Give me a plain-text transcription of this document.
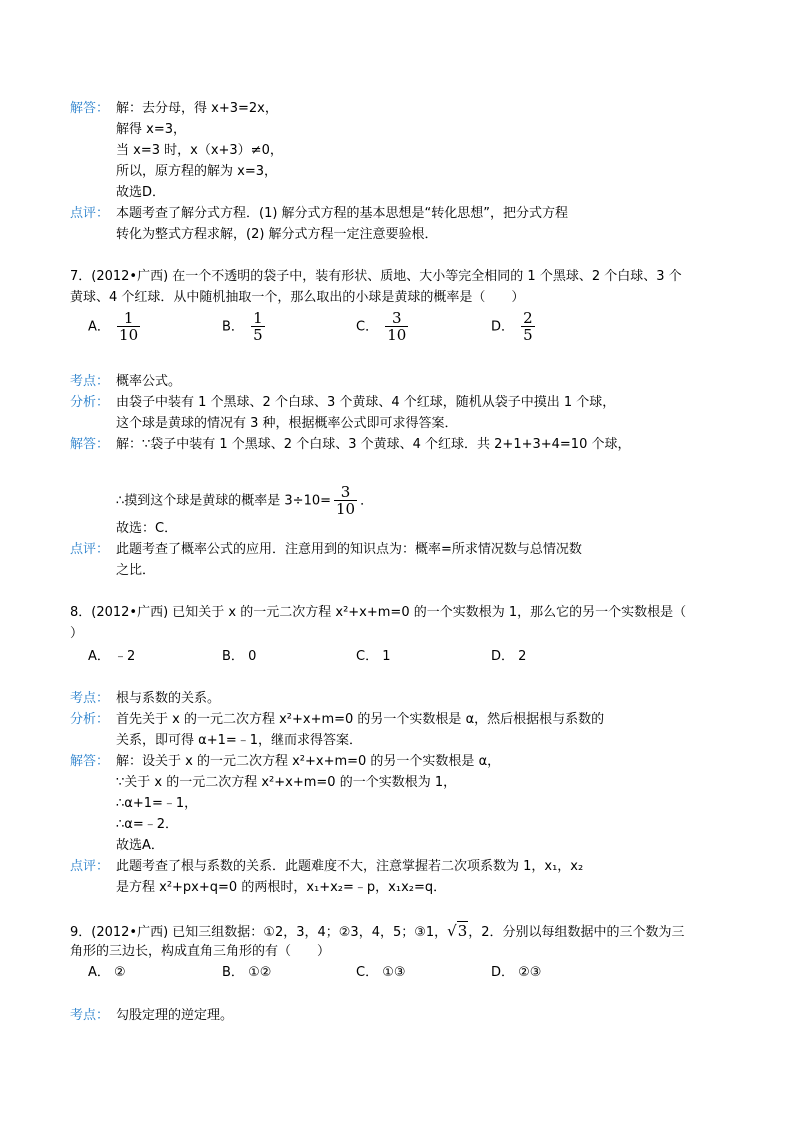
解答： 解：去分母，得 x+3=2x，
解得 x=3，
当 x=3 时，x（x+3）≠0，
所以，原方程的解为 x=3，
故选D．
点评： 本题考查了解分式方程．(1) 解分式方程的基本思想是“转化思想”，把分式方程
转化为整式方程求解，(2) 解分式方程一定注意要验根．
7．(2012•广西) 在一个不透明的袋子中，装有形状、质地、大小等完全相同的 1 个黑球、2 个白球、3 个
黄球、4 个红球．从中随机抽取一个，那么取出的小球是黄球的概率是（　　）
A． $\frac{1}{10}$	B． $\frac{1}{5}$	C． $\frac{3}{10}$	D． $\frac{2}{5}$
考点： 概率公式。
分析： 由袋子中装有 1 个黑球、2 个白球、3 个黄球、4 个红球，随机从袋子中摸出 1 个球，
这个球是黄球的情况有 3 种，根据概率公式即可求得答案．
解答： 解：∵袋子中装有 1 个黑球、2 个白球、3 个黄球、4 个红球．共 2+1+3+4=10 个球，
∴摸到这个球是黄球的概率是 $3\div 10= \frac{3}{10}$ ．
故选：C．
点评： 此题考查了概率公式的应用．注意用到的知识点为：概率=所求情况数与总情况数
之比．
8．(2012•广西) 已知关于 x 的一元二次方程 x²+x+m=0 的一个实数根为 1，那么它的另一个实数根是（
）
A． ﹣2	B． 0	C． 1	D． 2
考点： 根与系数的关系。
分析： 首先关于 x 的一元二次方程 x²+x+m=0 的另一个实数根是 α，然后根据根与系数的
关系，即可得 α+1=﹣1，继而求得答案．
解答： 解：设关于 x 的一元二次方程 x²+x+m=0 的另一个实数根是 α，
∵关于 x 的一元二次方程 x²+x+m=0 的一个实数根为 1，
∴α+1=﹣1，
∴α=﹣2．
故选A．
点评： 此题考查了根与系数的关系．此题难度不大，注意掌握若二次项系数为 1，x₁，x₂
是方程 x²+px+q=0 的两根时，x₁+x₂=﹣p，x₁x₂=q．
9．(2012•广西) 已知三组数据：①2，3，4；②3，4，5；③1，√3，2．分别以每组数据中的三个数为三
角形的三边长，构成直角三角形的有（　　）
A． ②	B． ①②	C． ①③	D． ②③
考点： 勾股定理的逆定理。
